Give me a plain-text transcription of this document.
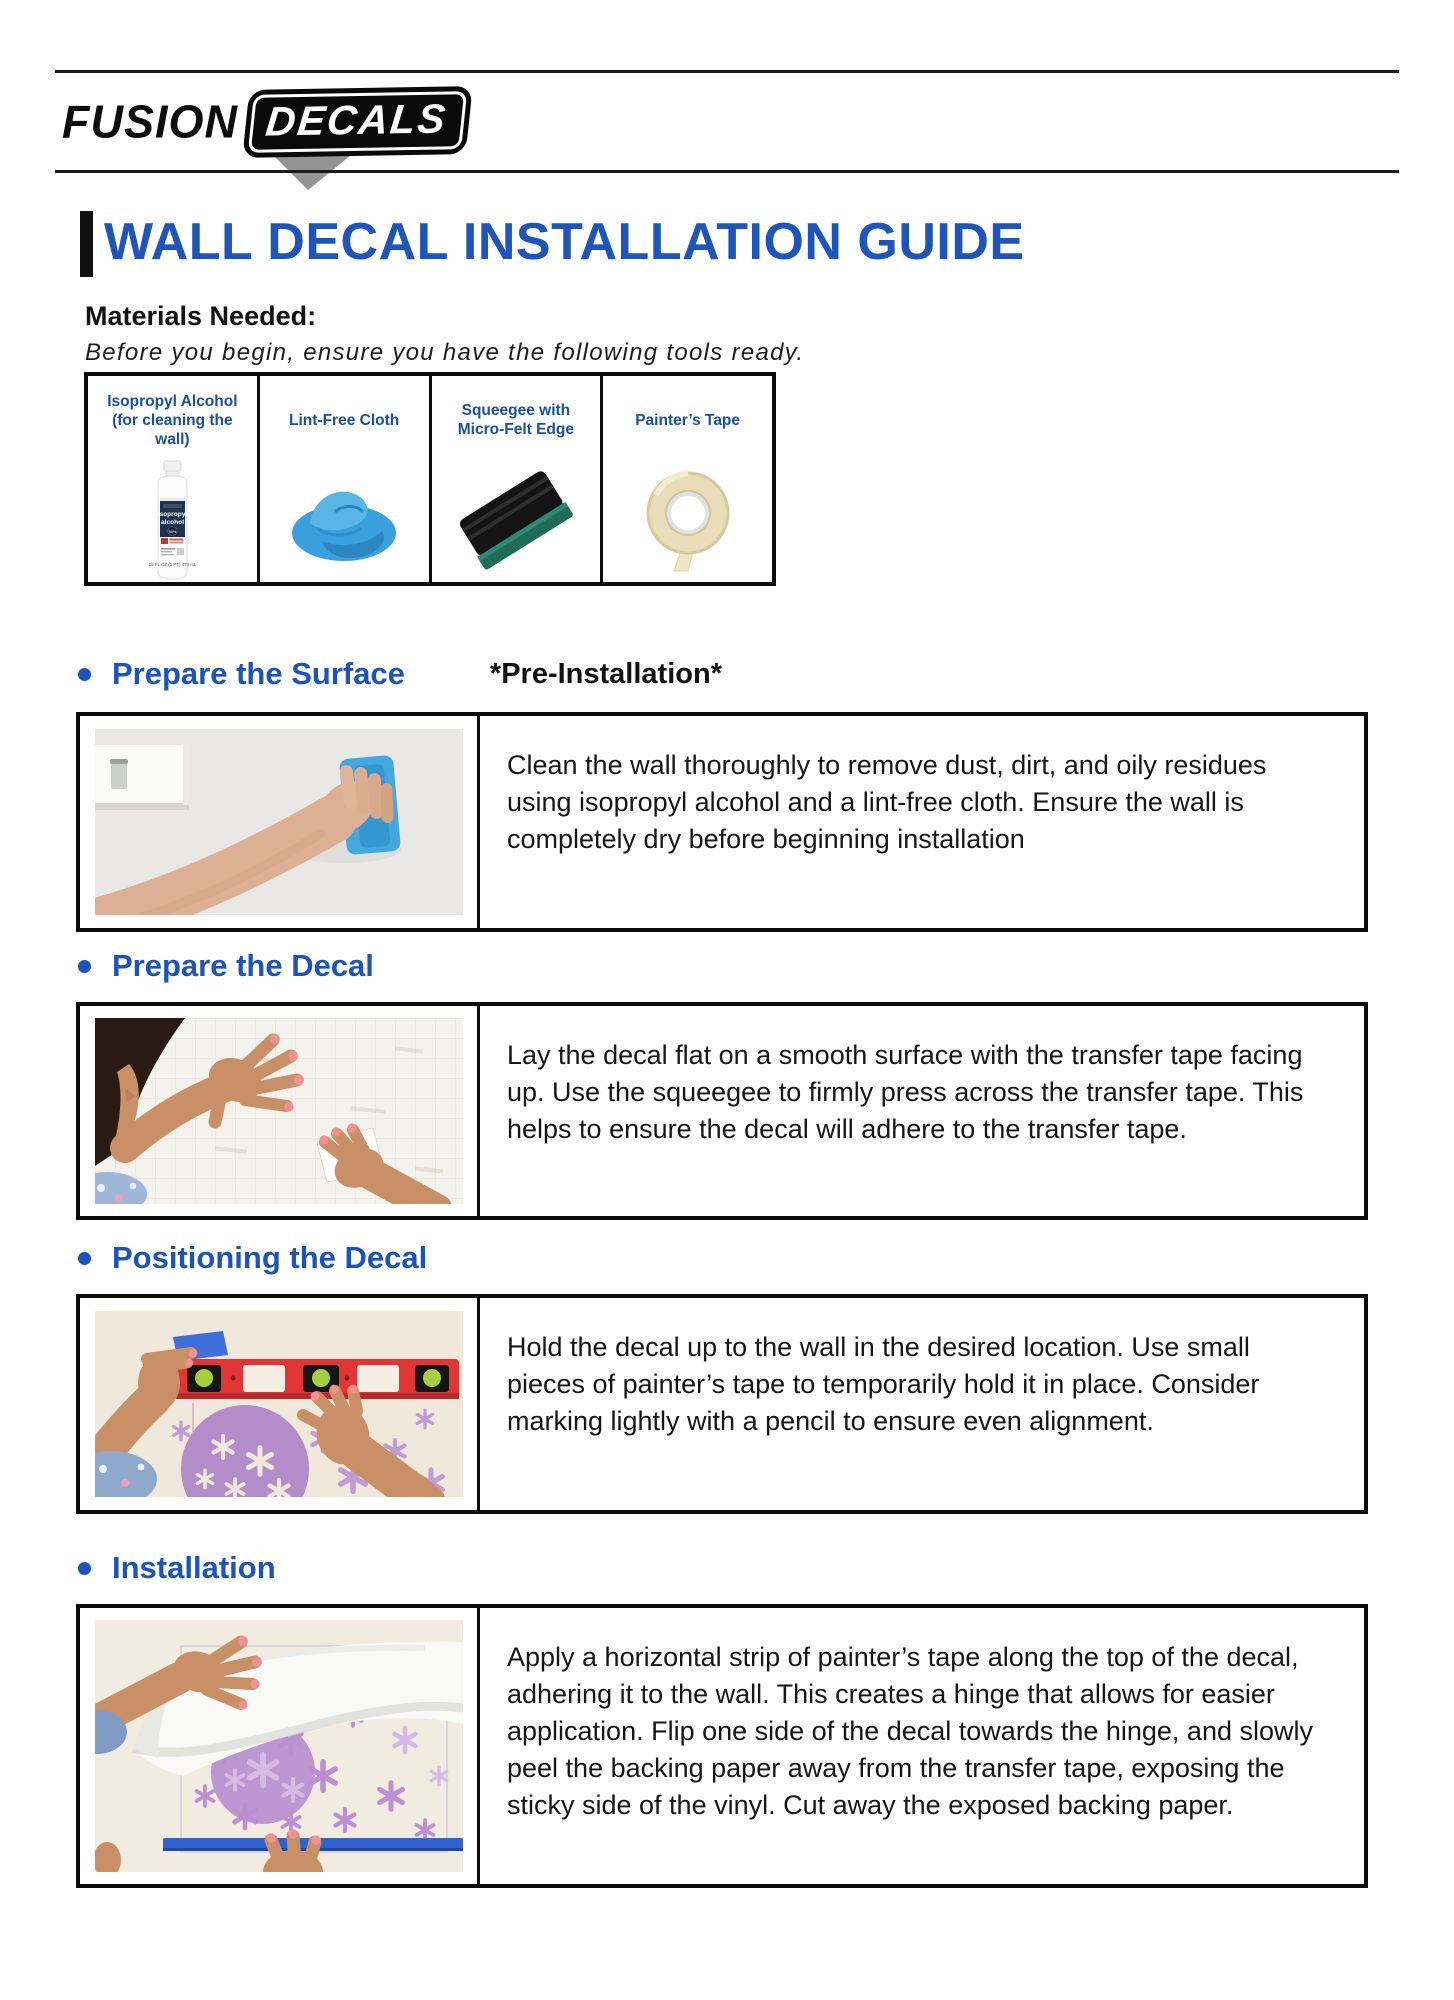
FUSION DECALS
WALL DECAL INSTALLATION GUIDE
Materials Needed:
Before you begin, ensure you have the following tools ready.
Isopropyl Alcohol (for cleaning the wall)
isopropyl
alcohol
99%
16 FL OZ (1 PT) 473 mL
Lint-Free Cloth
Squeegee with Micro-Felt Edge
Painter’s Tape
Prepare the Surface	*Pre-Installation*
Clean the wall thoroughly to remove dust, dirt, and oily residues using isopropyl alcohol and a lint-free cloth. Ensure the wall is completely dry before beginning installation
Prepare the Decal
Lay the decal flat on a smooth surface with the transfer tape facing up. Use the squeegee to firmly press across the transfer tape. This helps to ensure the decal will adhere to the transfer tape.
Positioning the Decal
Hold the decal up to the wall in the desired location. Use small pieces of painter’s tape to temporarily hold it in place. Consider marking lightly with a pencil to ensure even alignment.
Installation
Apply a horizontal strip of painter’s tape along the top of the decal, adhering it to the wall. This creates a hinge that allows for easier application. Flip one side of the decal towards the hinge, and slowly peel the backing paper away from the transfer tape, exposing the sticky side of the vinyl. Cut away the exposed backing paper.
